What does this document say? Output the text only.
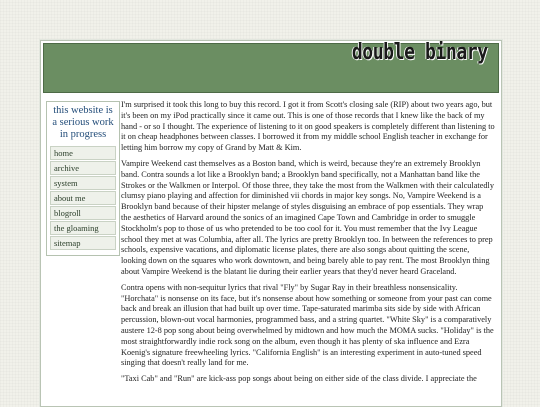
double binary
this website is a serious work in progress
home
archive
system
about me
blogroll
the gloaming
sitemap

I'm surprised it took this long to buy this record. I got it from Scott's closing sale (RIP) about two years ago, but it's been on my iPod practically since it came out. This is one of those records that I knew like the back of my hand - or so I thought. The experience of listening to it on good speakers is completely different than listening to it on cheap headphones between classes. I borrowed it from my middle school English teacher in exchange for letting him borrow my copy of Grand by Matt & Kim.

Vampire Weekend cast themselves as a Boston band, which is weird, because they're an extremely Brooklyn band. Contra sounds a lot like a Brooklyn band; a Brooklyn band specifically, not a Manhattan band like the Strokes or the Walkmen or Interpol. Of those three, they take the most from the Walkmen with their calculatedly clumsy piano playing and affection for diminished vii chords in major key songs. No, Vampire Weekend is a Brooklyn band because of their hipster melange of styles disguising an embrace of pop essentials. They wrap the aesthetics of Harvard around the sonics of an imagined Cape Town and Cambridge in order to smuggle Stockholm's pop to those of us who pretended to be too cool for it. You must remember that the Ivy League school they met at was Columbia, after all. The lyrics are pretty Brooklyn too. In between the references to prep schools, expensive vacations, and diplomatic license plates, there are also songs about quitting the scene, looking down on the squares who work downtown, and being barely able to pay rent. The most Brooklyn thing about Vampire Weekend is the blatant lie during their earlier years that they'd never heard Graceland.

Contra opens with non-sequitur lyrics that rival "Fly" by Sugar Ray in their breathless nonsensicality. "Horchata" is nonsense on its face, but it's nonsense about how something or someone from your past can come back and break an illusion that had built up over time. Tape-saturated marimba sits side by side with African percussion, blown-out vocal harmonies, programmed bass, and a string quartet. "White Sky" is a comparatively austere 12-8 pop song about being overwhelmed by midtown and how much the MOMA sucks. "Holiday" is the most straightforwardly indie rock song on the album, even though it has plenty of ska influence and Ezra Koenig's signature freewheeling lyrics. "California English" is an interesting experiment in auto-tuned speed singing that doesn't really land for me.

"Taxi Cab" and "Run" are kick-ass pop songs about being on either side of the class divide. I appreciate the
